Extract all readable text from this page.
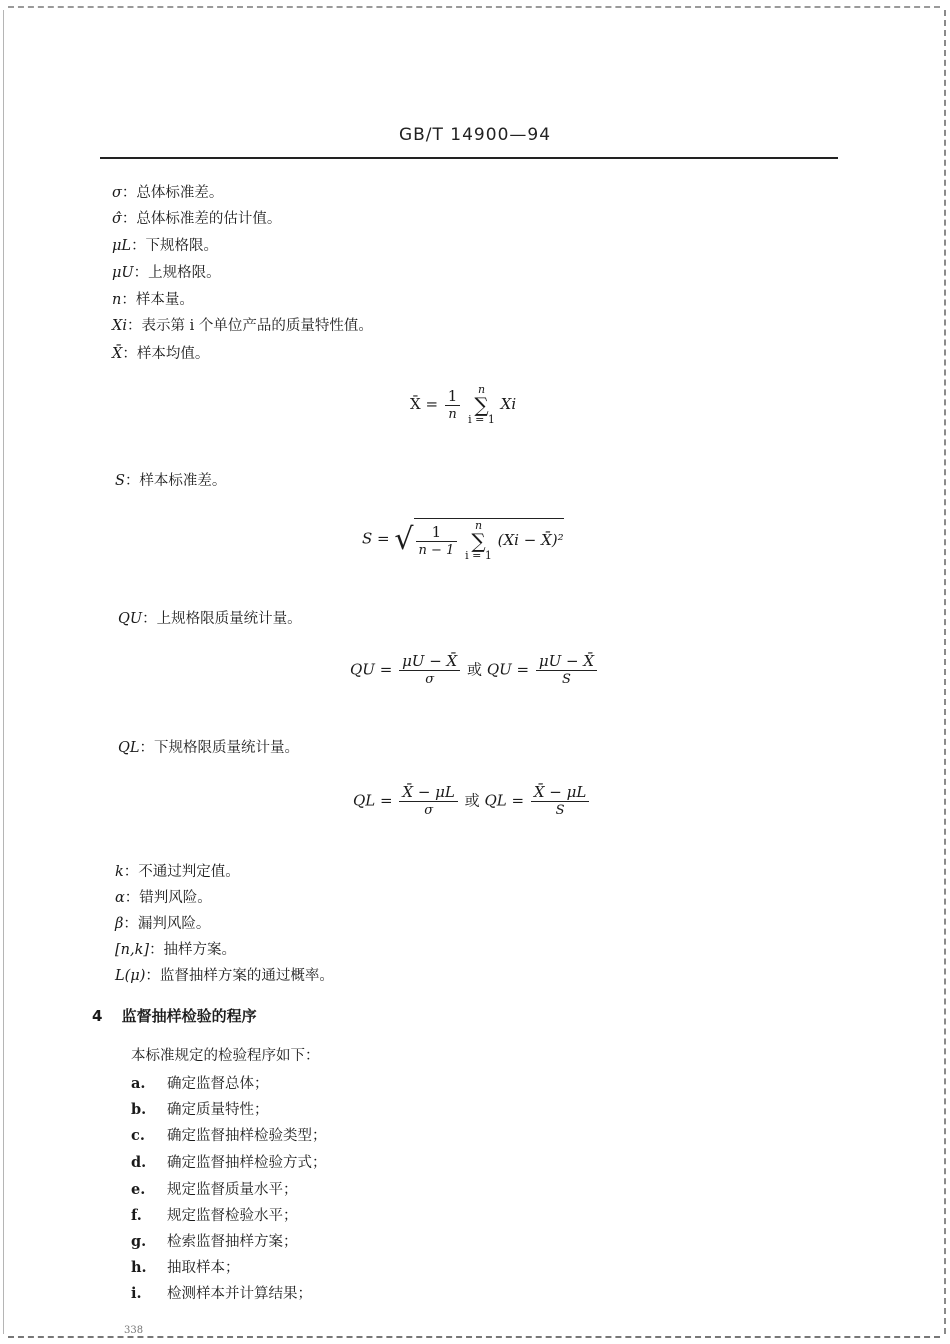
GB/T 14900—94
σ：总体标准差。
σ̂：总体标准差的估计值。
μL：下规格限。
μU：上规格限。
n：样本量。
Xi：表示第 i 个单位产品的质量特性值。
X̄：样本均值。
X̄ = $\frac{1}{n}$ n
∑
i = 1 Xi
S：样本标准差。
S = √ $\frac{1}{n - 1}$ n
∑
i = 1 (Xi − X̄)²
QU：上规格限质量统计量。
QU = $\frac{\mu U - X̄}{\sigma}$ 或 QU = $\frac{\mu U - X̄}{S}$
QL：下规格限质量统计量。
QL = $\frac{X̄ - \mu L}{\sigma}$ 或 QL = $\frac{X̄ - \mu L}{S}$
k：不通过判定值。
α：错判风险。
β：漏判风险。
[n,k]：抽样方案。
L(μ)：监督抽样方案的通过概率。
4 监督抽样检验的程序
本标准规定的检验程序如下：
a. 确定监督总体；
b. 确定质量特性；
c. 确定监督抽样检验类型；
d. 确定监督抽样检验方式；
e. 规定监督质量水平；
f. 规定监督检验水平；
g. 检索监督抽样方案；
h. 抽取样本；
i. 检测样本并计算结果；
338
